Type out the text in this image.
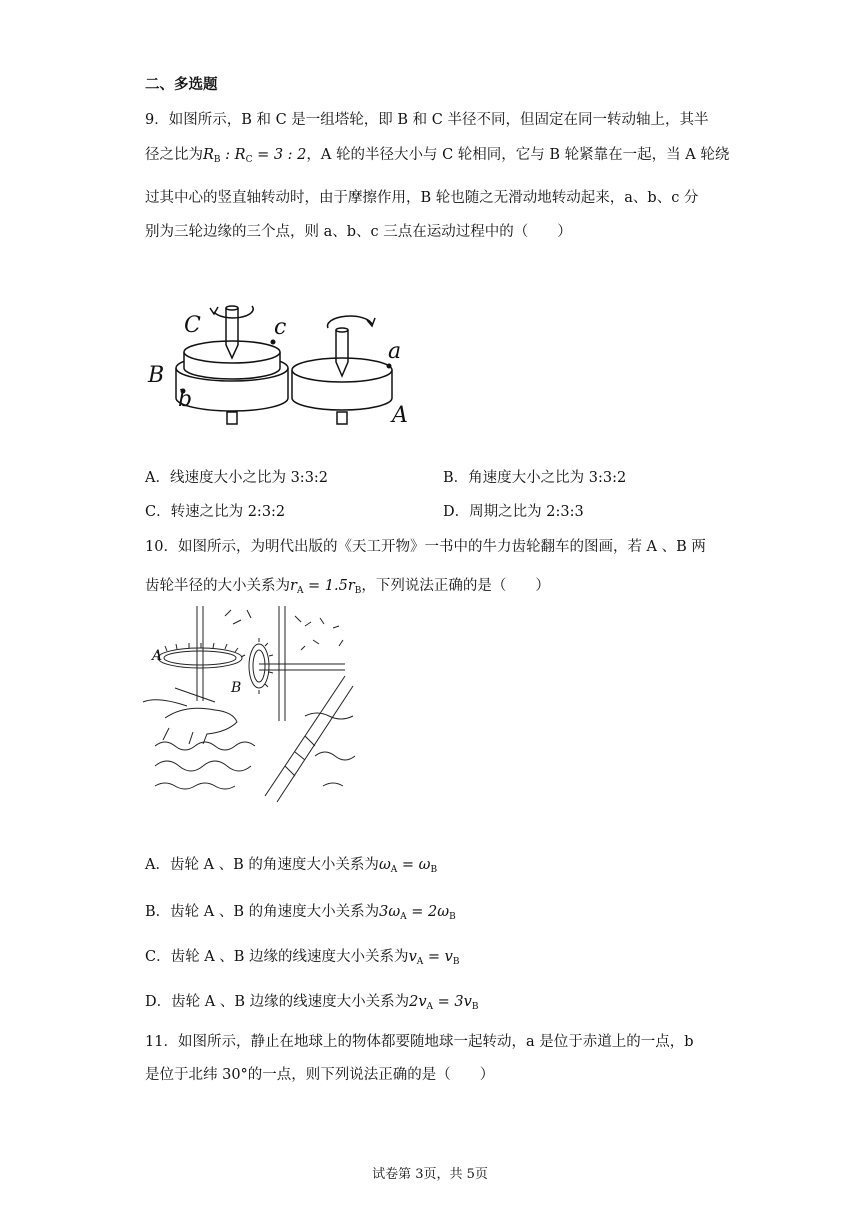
二、多选题
9．如图所示，B 和 C 是一组塔轮，即 B 和 C 半径不同，但固定在同一转动轴上，其半
径之比为$R_B$ : $R_C = 3$ : 2，A 轮的半径大小与 C 轮相同，它与 B 轮紧靠在一起，当 A 轮绕
过其中心的竖直轴转动时，由于摩擦作用，B 轮也随之无滑动地转动起来，a、b、c 分
别为三轮边缘的三个点，则 a、b、c 三点在运动过程中的（　　）
C	c
a
B
b
A
A．线速度大小之比为 3:3:2	B．角速度大小之比为 3:3:2
C．转速之比为 2:3:2	D．周期之比为 2:3:3
10．如图所示，为明代出版的《天工开物》一书中的牛力齿轮翻车的图画，若 A 、B 两
齿轮半径的大小关系为$r_A = 1.5r_B$，下列说法正确的是（　　）
A
B
A．齿轮 A 、B 的角速度大小关系为$\omega_A = \omega_B$
B．齿轮 A 、B 的角速度大小关系为$3\omega_A = 2\omega_B$
C．齿轮 A 、B 边缘的线速度大小关系为$v_A = v_B$
D．齿轮 A 、B 边缘的线速度大小关系为$2v_A = 3v_B$
11．如图所示，静止在地球上的物体都要随地球一起转动，a 是位于赤道上的一点，b
是位于北纬 30°的一点，则下列说法正确的是（　　）
试卷第 3页，共 5页
